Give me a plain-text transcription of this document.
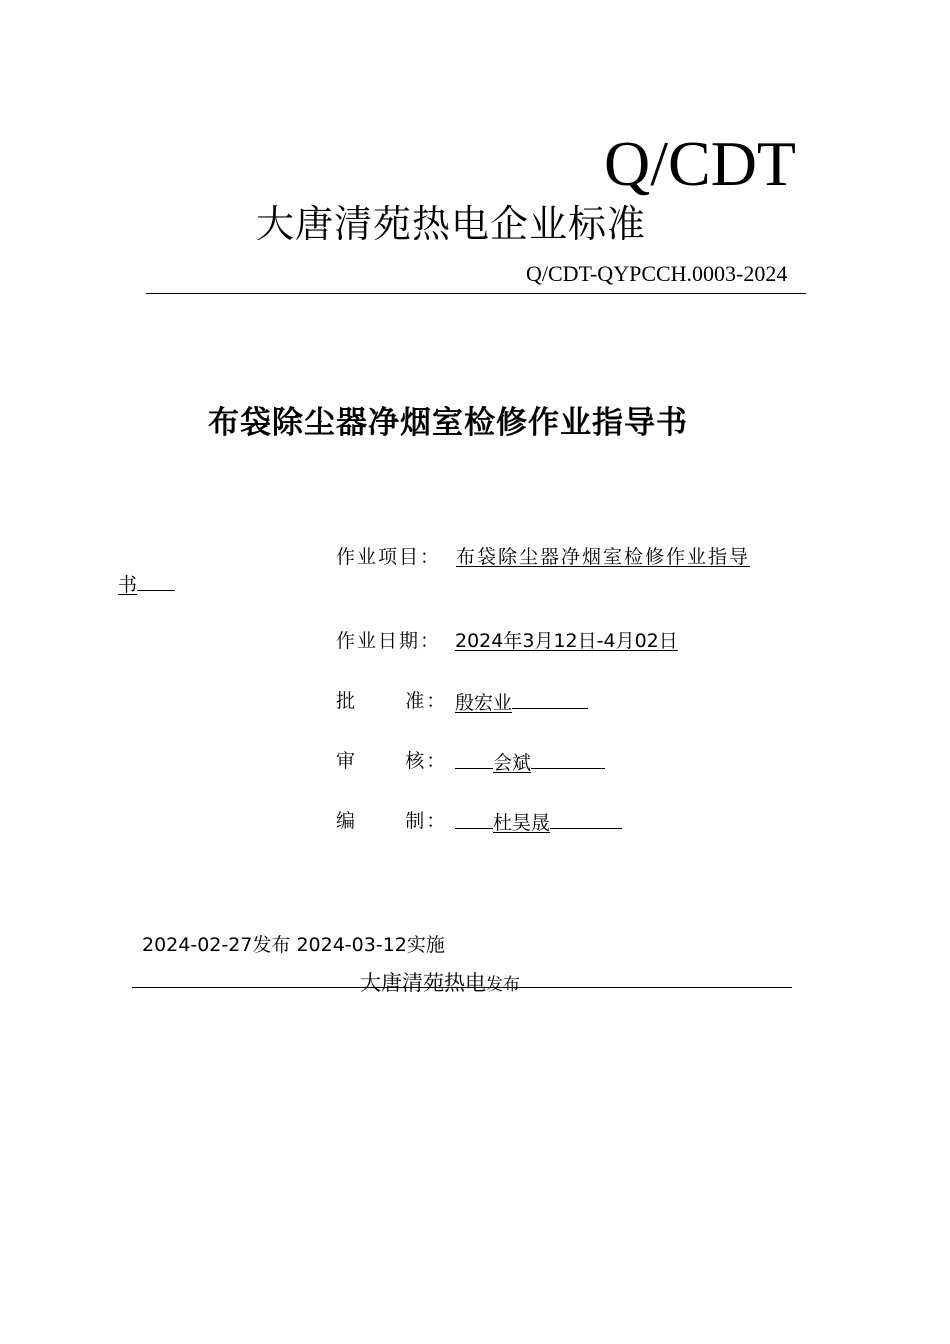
Q/CDT
大唐清苑热电企业标准
Q/CDT-QYPCCH.0003-2024
布袋除尘器净烟室检修作业指导书
作业项目： 布袋除尘器净烟室检修作业指导
书
作业日期： 2024年3月12日-4月02日
批      准： 殷宏业
审      核：	会斌
编      制：	杜昊晟
2024-02-27发布 2024-03-12实施
大唐清苑热电发布
